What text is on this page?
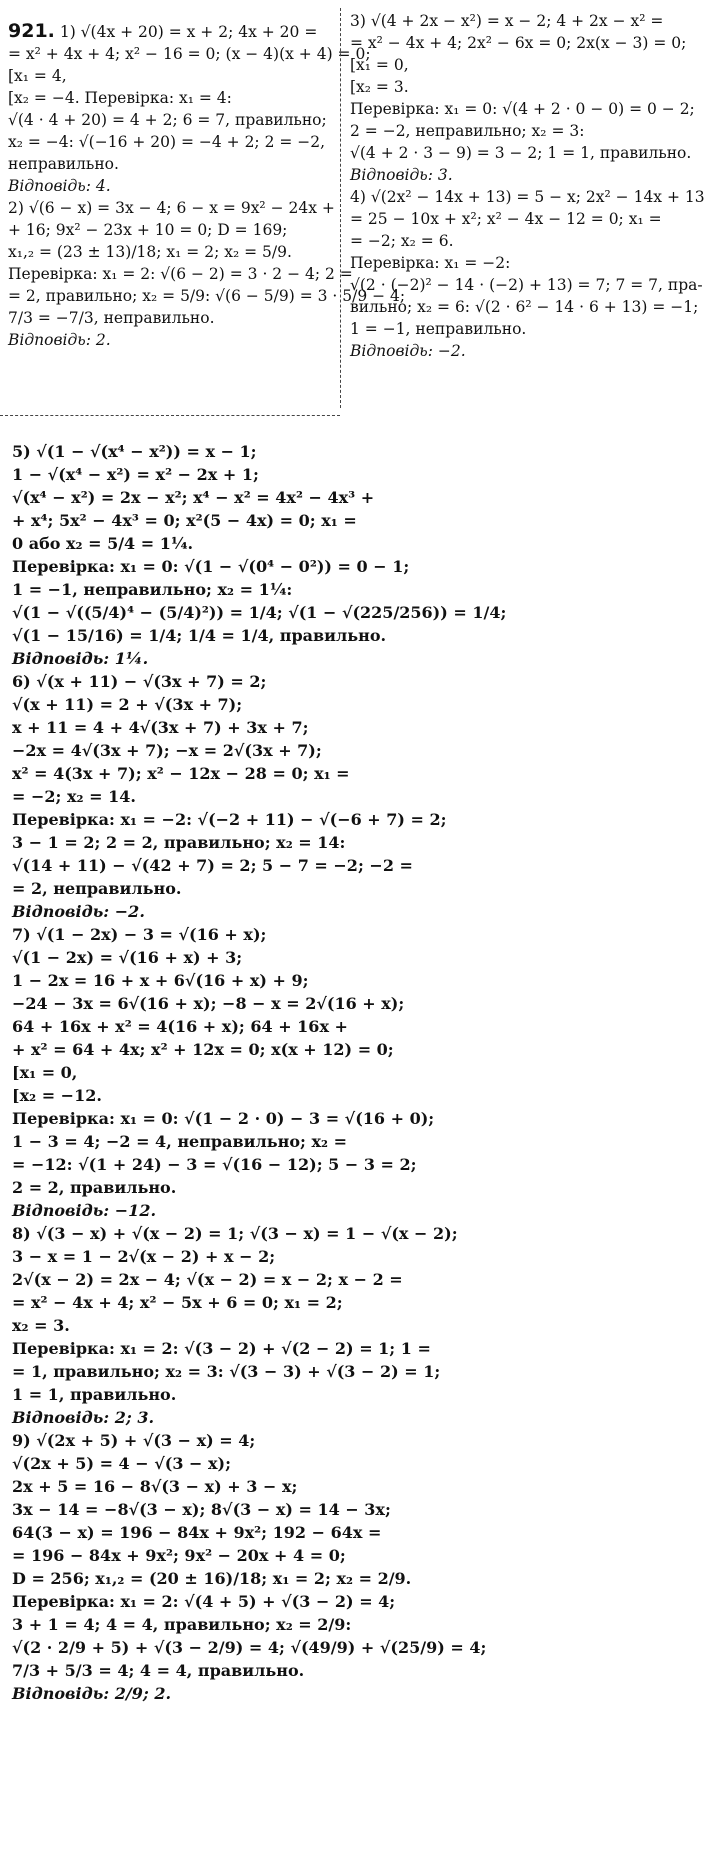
921. 1) √(4x + 20) = x + 2; 4x + 20 =

= x² + 4x + 4; x² − 16 = 0; (x − 4)(x + 4) = 0;
[x₁ = 4,
[x₂ = −4. Перевірка: x₁ = 4:
√(4 · 4 + 20) = 4 + 2; 6 = 7, правильно;
x₂ = −4: √(−16 + 20) = −4 + 2; 2 = −2,
неправильно.
Відповідь: 4.
2) √(6 − x) = 3x − 4; 6 − x = 9x² − 24x +
+ 16; 9x² − 23x + 10 = 0; D = 169;
x₁,₂ = (23 ± 13)/18; x₁ = 2; x₂ = 5/9.
Перевірка: x₁ = 2: √(6 − 2) = 3 · 2 − 4; 2 =
= 2, правильно; x₂ = 5/9: √(6 − 5/9) = 3 · 5/9 − 4;
7/3 = −7/3, неправильно.
Відповідь: 2.
3) √(4 + 2x − x²) = x − 2; 4 + 2x − x² =
= x² − 4x + 4; 2x² − 6x = 0; 2x(x − 3) = 0;
[x₁ = 0,
[x₂ = 3.
Перевірка: x₁ = 0: √(4 + 2 · 0 − 0) = 0 − 2;
2 = −2, неправильно; x₂ = 3:
√(4 + 2 · 3 − 9) = 3 − 2; 1 = 1, правильно.
Відповідь: 3.
4) √(2x² − 14x + 13) = 5 − x; 2x² − 14x + 13
= 25 − 10x + x²; x² − 4x − 12 = 0; x₁ =
= −2; x₂ = 6.
Перевірка: x₁ = −2:
√(2 · (−2)² − 14 · (−2) + 13) = 7; 7 = 7, пра-
вильно; x₂ = 6: √(2 · 6² − 14 · 6 + 13) = −1;
1 = −1, неправильно.
Відповідь: −2.
5) √(1 − √(x⁴ − x²)) = x − 1;
1 − √(x⁴ − x²) = x² − 2x + 1;
√(x⁴ − x²) = 2x − x²; x⁴ − x² = 4x² − 4x³ +
+ x⁴; 5x² − 4x³ = 0; x²(5 − 4x) = 0; x₁ =
0 або x₂ = 5/4 = 1¼.
Перевірка: x₁ = 0: √(1 − √(0⁴ − 0²)) = 0 − 1;
1 = −1, неправильно; x₂ = 1¼:
√(1 − √((5/4)⁴ − (5/4)²)) = 1/4; √(1 − √(225/256)) = 1/4;
√(1 − 15/16) = 1/4; 1/4 = 1/4, правильно.
Відповідь: 1¼.
6) √(x + 11) − √(3x + 7) = 2;
√(x + 11) = 2 + √(3x + 7);
x + 11 = 4 + 4√(3x + 7) + 3x + 7;
−2x = 4√(3x + 7); −x = 2√(3x + 7);
x² = 4(3x + 7); x² − 12x − 28 = 0; x₁ =
= −2; x₂ = 14.
Перевірка: x₁ = −2: √(−2 + 11) − √(−6 + 7) = 2;
3 − 1 = 2; 2 = 2, правильно; x₂ = 14:
√(14 + 11) − √(42 + 7) = 2; 5 − 7 = −2; −2 =
= 2, неправильно.
Відповідь: −2.
7) √(1 − 2x) − 3 = √(16 + x);
√(1 − 2x) = √(16 + x) + 3;
1 − 2x = 16 + x + 6√(16 + x) + 9;
−24 − 3x = 6√(16 + x); −8 − x = 2√(16 + x);
64 + 16x + x² = 4(16 + x); 64 + 16x +
+ x² = 64 + 4x; x² + 12x = 0; x(x + 12) = 0;
[x₁ = 0,
[x₂ = −12.
Перевірка: x₁ = 0: √(1 − 2 · 0) − 3 = √(16 + 0);
1 − 3 = 4; −2 = 4, неправильно; x₂ =
= −12: √(1 + 24) − 3 = √(16 − 12); 5 − 3 = 2;
2 = 2, правильно.
Відповідь: −12.
8) √(3 − x) + √(x − 2) = 1; √(3 − x) = 1 − √(x − 2);
3 − x = 1 − 2√(x − 2) + x − 2;
2√(x − 2) = 2x − 4; √(x − 2) = x − 2; x − 2 =
= x² − 4x + 4; x² − 5x + 6 = 0; x₁ = 2;
x₂ = 3.
Перевірка: x₁ = 2: √(3 − 2) + √(2 − 2) = 1; 1 =
= 1, правильно; x₂ = 3: √(3 − 3) + √(3 − 2) = 1;
1 = 1, правильно.
Відповідь: 2; 3.
9) √(2x + 5) + √(3 − x) = 4;
√(2x + 5) = 4 − √(3 − x);
2x + 5 = 16 − 8√(3 − x) + 3 − x;
3x − 14 = −8√(3 − x); 8√(3 − x) = 14 − 3x;
64(3 − x) = 196 − 84x + 9x²; 192 − 64x =
= 196 − 84x + 9x²; 9x² − 20x + 4 = 0;
D = 256; x₁,₂ = (20 ± 16)/18; x₁ = 2; x₂ = 2/9.
Перевірка: x₁ = 2: √(4 + 5) + √(3 − 2) = 4;
3 + 1 = 4; 4 = 4, правильно; x₂ = 2/9:
√(2 · 2/9 + 5) + √(3 − 2/9) = 4; √(49/9) + √(25/9) = 4;
7/3 + 5/3 = 4; 4 = 4, правильно.
Відповідь: 2/9; 2.
